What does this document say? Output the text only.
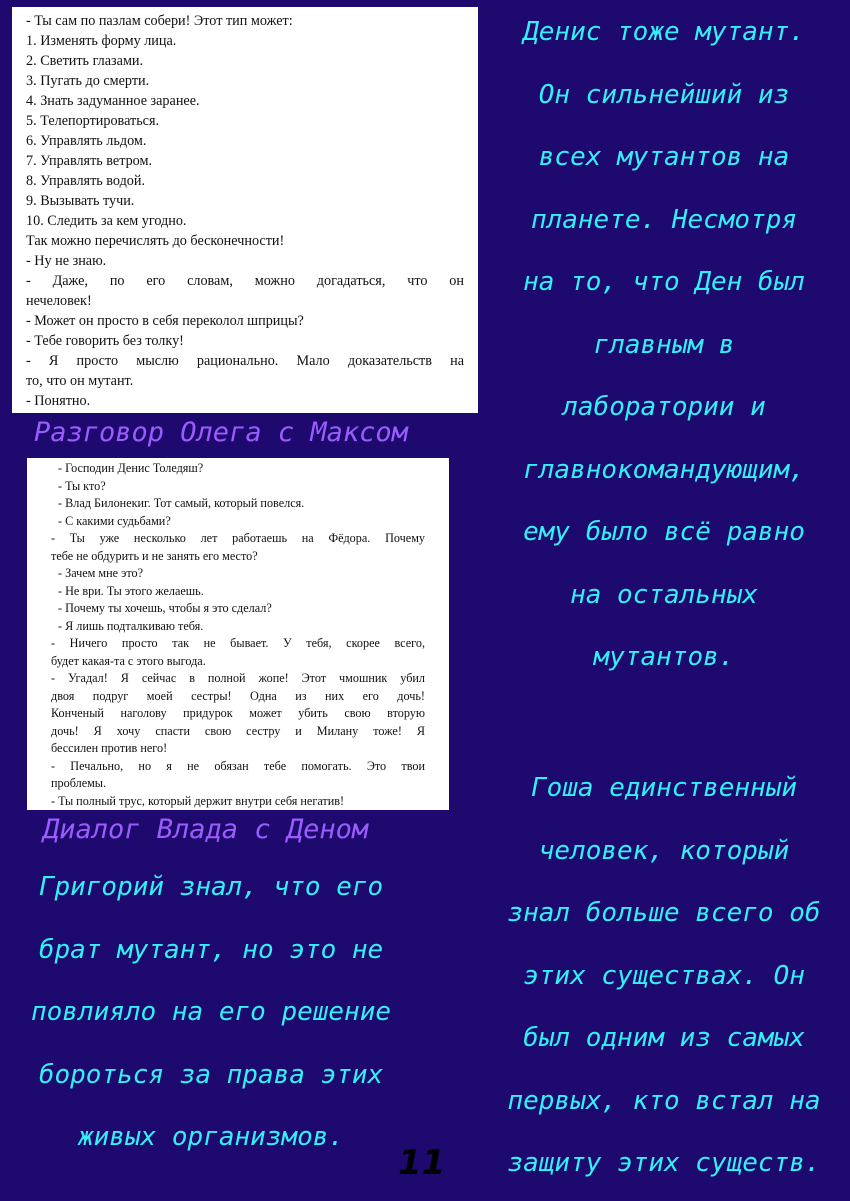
- Ты сам по пазлам собери! Этот тип может:
1. Изменять форму лица.
2. Светить глазами.
3. Пугать до смерти.
4. Знать задуманное заранее.
5. Телепортироваться.
6. Управлять льдом.
7. Управлять ветром.
8. Управлять водой.
9. Вызывать тучи.
10. Следить за кем угодно.
Так можно перечислять до бесконечности!
- Ну не знаю.
- Даже, по его словам, можно догадаться, что он
нечеловек!
- Может он просто в себя переколол шприцы?
- Тебе говорить без толку!
- Я просто мыслю рационально. Мало доказательств на
то, что он мутант.
- Понятно.
Разговор Олега с Максом
- Господин Денис Толедяш?
- Ты кто?
- Влад Билонекиг. Тот самый, который повелся.
- С какими судьбами?
- Ты уже несколько лет работаешь на Фёдора. Почему
тебе не обдурить и не занять его место?
- Зачем мне это?
- Не ври. Ты этого желаешь.
- Почему ты хочешь, чтобы я это сделал?
- Я лишь подталкиваю тебя.
- Ничего просто так не бывает. У тебя, скорее всего,
будет какая-та с этого выгода.
- Угадал! Я сейчас в полной жопе! Этот чмошник убил
двоя подруг моей сестры! Одна из них его дочь!
Конченый наголову придурок может убить свою вторую
дочь! Я хочу спасти свою сестру и Милану тоже! Я
бессилен против него!
- Печально, но я не обязан тебе помогать. Это твои
проблемы.
- Ты полный трус, который держит внутри себя негатив!
Диалог Влада с Деном
Денис тоже мутант.
Он сильнейший из
всех мутантов на
планете. Несмотря
на то, что Ден был
главным в
лаборатории и
главнокомандующим,
ему было всё равно
на остальных
мутантов.
Гоша единственный
человек, который
знал больше всего об
этих существах. Он
был одним из самых
первых, кто встал на
защиту этих существ.
Григорий знал, что его
брат мутант, но это не
повлияло на его решение
бороться за права этих
живых организмов.
11
